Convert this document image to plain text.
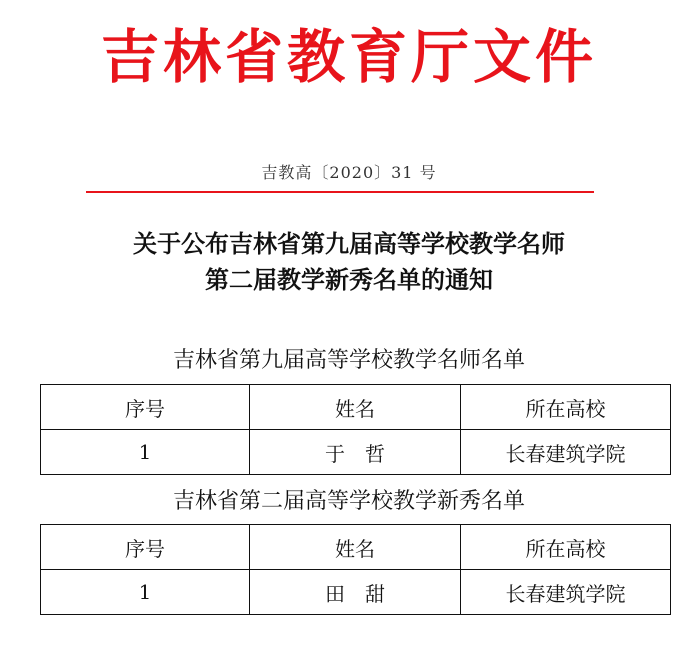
吉林省教育厅文件
吉教高〔2020〕31 号
关于公布吉林省第九届高等学校教学名师
第二届教学新秀名单的通知
吉林省第九届高等学校教学名师名单
序号	姓名	所在高校
1	于　哲	长春建筑学院
吉林省第二届高等学校教学新秀名单
序号	姓名	所在高校
1	田　甜	长春建筑学院
